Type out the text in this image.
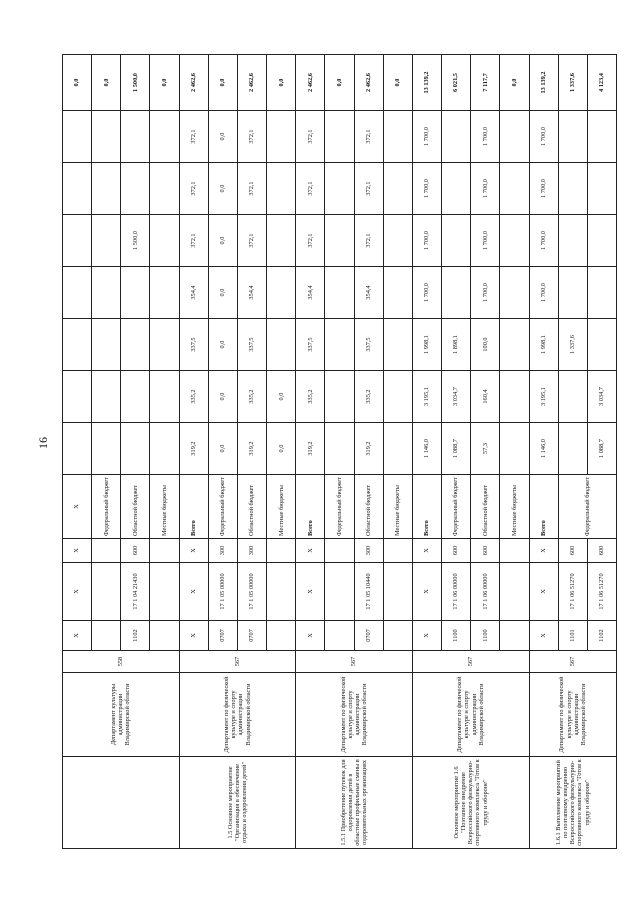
16
	Департамент культуры администрации Владимирской области	558	X	X	X	X								0,0
						Федеральный бюджет								0,0
			1102	17 1 04 21430	600	Областной бюджет					1 500,0			1 500,0
						Местные бюджеты								0,0
1.5 Основное мероприятие "Организация в обеспечение отдыха и оздоровления детей"	Департамент по физической культуре и спорту администрации Владимирской области	567	X	X	X	Всего	319,2	335,2	337,5	354,4	372,1	372,1	372,1	2 462,6
			0707	17 1 05 00000	300	Федеральный бюджет	0,0	0,0	0,0	0,0	0,0	0,0	0,0	0,0
			0707	17 1 05 00000	300	Областной бюджет	319,2	335,2	337,5	354,4	372,1	372,1	372,1	2 462,6
						Местные бюджеты	0,0	0,0						0,0
1.5.1 Приобретение путевок для оздоровления детей в областные профильные смены в оздоровительных организациях	Департамент по физической культуре и спорту администрации Владимирской области	567	X	X	X	Всего	319,2	335,2	337,5	354,4	372,1	372,1	372,1	2 462,6
						Федеральный бюджет								0,0
			0707	17 1 05 10440	300	Областной бюджет	319,2	335,2	337,5	354,4	372,1	372,1	372,1	2 462,6
						Местные бюджеты								0,0
Основное мероприятие 1.6 "Поэтапное внедрение Всероссийского физкультурно-спортивного комплекса "Готов к труду и обороне"	Департамент по физической культуре и спорту администрации Владимирской области	567	X	X	X	Всего	1 146,0	3 195,1	1 998,1	1 700,0	1 700,0	1 700,0	1 700,0	13 139,2
			1100	17 1 06 00000	600	Федеральный бюджет	1 088,7	3 034,7	1 898,1					6 021,5
			1100	17 1 06 00000	600	Областной бюджет	57,3	160,4	100,0	1 700,0	1 700,0	1 700,0	1 700,0	7 117,7
						Местные бюджеты								0,0
1.6.1 Выполнение мероприятий по поэтапному внедрению Всероссийского физкультурно-спортивного комплекса "Готов к труду и обороне"	Департамент по физической культуре и спорту администрации Владимирской области	567	X	X	X	Всего	1 146,0	3 195,1	1 998,1	1 700,0	1 700,0	1 700,0	1 700,0	13 139,2
			1101	17 1 06 51270	600	Федеральный бюджет			1 337,6					1 337,6
			1102	17 1 06 51270	600		1 088,7	3 034,7						4 123,4
